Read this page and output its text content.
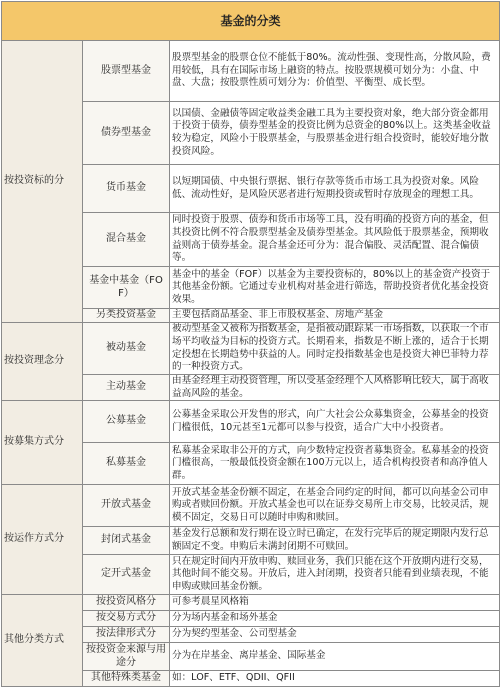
基金的分类		
按投资标的分	股票型基金	股票型基金的股票仓位不能低于80%。流动性强、变现性高，分散风险，费用较低，具有在国际市场上融资的特点。按股票规模可划分为：小盘、中盘、大盘；按股票性质可划分为：价值型、平衡型、成长型。
	债券型基金	以国债、金融债等固定收益类金融工具为主要投资对象，绝大部分资金都用于投资于债券，债券型基金的投资比例为总资金的80%以上。这类基金收益较为稳定，风险小于股票基金，与股票基金进行组合投资时，能较好地分散投资风险。
	货币基金	以短期国债、中央银行票据、银行存款等货币市场工具为投资对象。风险低、流动性好，是风险厌恶者进行短期投资或暂时存放现金的理想工具。
	混合基金	同时投资于股票、债券和货币市场等工具，没有明确的投资方向的基金，但其投资比例不符合股票型基金及债券型基金。其风险低于股票基金，预期收益则高于债券基金。混合基金还可分为：混合偏股、灵活配置、混合偏债等。
	基金中基金（FOF）	基金中的基金（FOF）以基金为主要投资标的，80%以上的基金资产投资于其他基金份额。它通过专业机构对基金进行筛选，帮助投资者优化基金投资效果。
	另类投资基金	主要包括商品基金、非上市股权基金、房地产基金
按投资理念分	被动基金	被动型基金又被称为指数基金，是指被动跟踪某一市场指数，以获取一个市场平均收益为目标的投资方式。长期看来，指数是不断上涨的，适合于长期定投想在长期趋势中获益的人。同时定投指数基金也是投资大神巴菲特力荐的一种投资方式。
	主动基金	由基金经理主动投资管理，所以受基金经理个人风格影响比较大，属于高收益高风险的基金。
按募集方式分	公募基金	公募基金采取公开发售的形式，向广大社会公众募集资金，公募基金的投资门槛很低，10元甚至1元都可以参与投资，适合广大中小投资者。
	私募基金	私募基金采取非公开的方式，向少数特定投资者募集资金。私募基金的投资门槛很高，一般最低投资金额在100万元以上，适合机构投资者和高净值人群。
按运作方式分	开放式基金	开放式基金基金份额不固定，在基金合同约定的时间，都可以向基金公司申购或者赎回份额。开放式基金也可以在证券交易所上市交易，比较灵活，规模不固定，交易日可以随时申购和赎回。
	封闭式基金	基金发行总额和发行期在设立时已确定，在发行完毕后的规定期限内发行总额固定不变。申购后未满封闭期不可赎回。
	定开式基金	只在规定时间内开放申购、赎回业务，我们只能在这个开放期内进行交易，其他时间不能交易。开放后，进入封闭期，投资者只能看到业绩表现，不能申购或赎回基金份额。
其他分类方式	按投资风格分	可参考晨星风格箱
	按交易方式分	分为场内基金和场外基金
	按法律形式分	分为契约型基金、公司型基金
	按投资金来源与用途分	分为在岸基金、离岸基金、国际基金
	其他特殊类基金	如：LOF、ETF、QDII、QFII
